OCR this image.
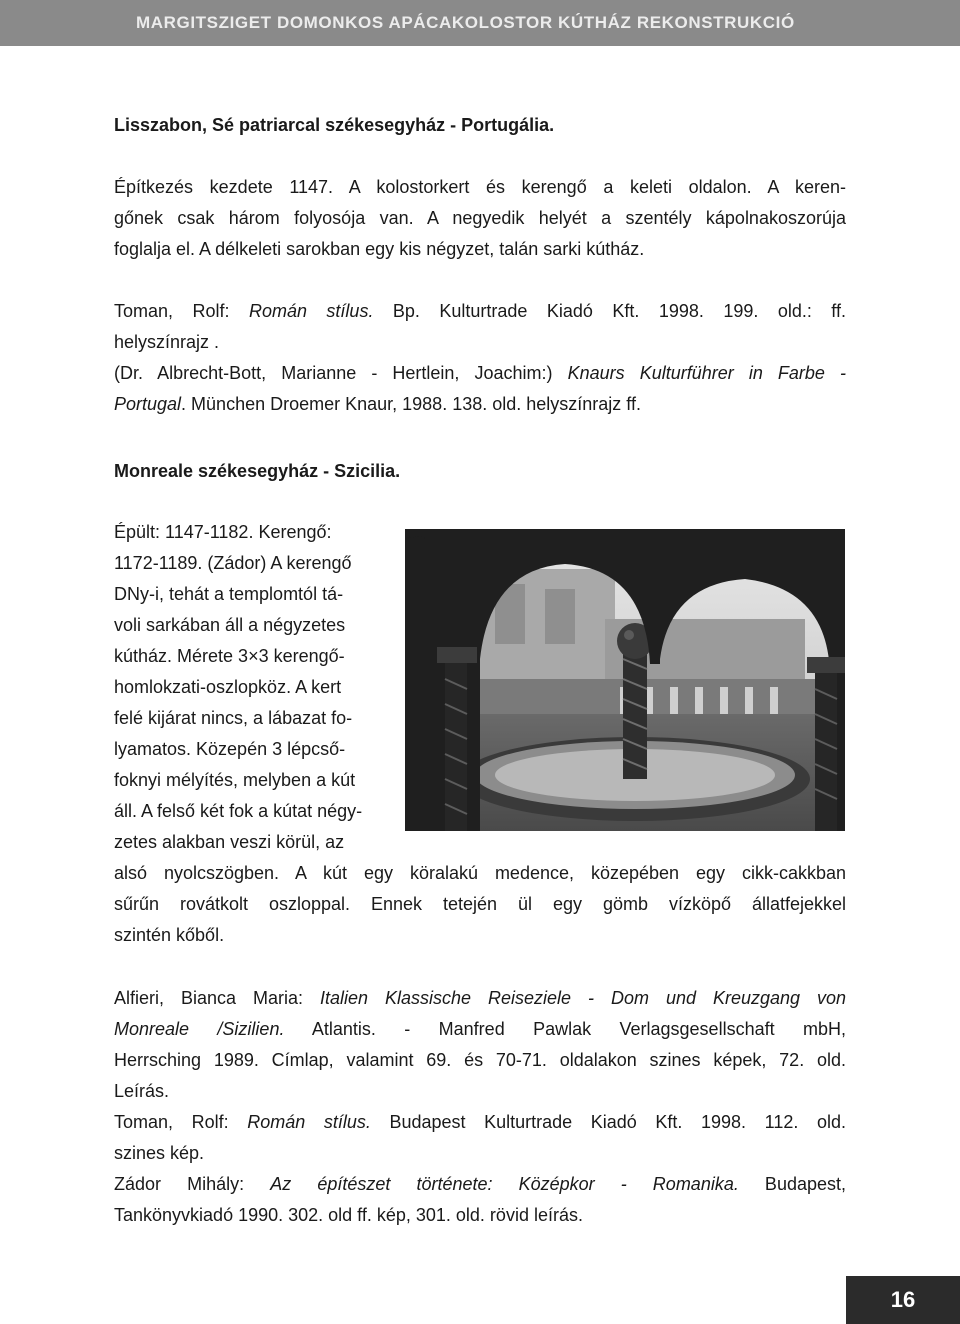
MARGITSZIGET DOMONKOS APÁCAKOLOSTOR KÚTHÁZ REKONSTRUKCIÓ

Lisszabon, Sé patriarcal székesegyház - Portugália.

Építkezés kezdete 1147. A kolostorkert és kerengő a keleti oldalon. A keren-

gőnek csak három folyosója van. A negyedik helyét a szentély kápolnakoszorúja

foglalja el. A délkeleti sarokban egy kis négyzet, talán sarki kútház.

Toman, Rolf: Román stílus. Bp. Kulturtrade Kiadó Kft. 1998. 199. old.: ff.

helyszínrajz .

(Dr. Albrecht-Bott, Marianne - Hertlein, Joachim:) Knaurs Kulturführer in Farbe -

Portugal. München Droemer Knaur, 1988. 138. old. helyszínrajz ff.

Monreale székesegyház - Szicilia.

Épült: 1147-1182. Kerengő:

1172-1189. (Zádor) A kerengő

DNy-i, tehát a templomtól tá-

voli sarkában áll a négyzetes

kútház. Mérete 3×3 kerengő-

homlokzati-oszlopköz. A kert

felé kijárat nincs, a lábazat fo-

lyamatos. Közepén 3 lépcső-

foknyi mélyítés, melyben a kút

áll. A felső két fok a kútat négy-

zetes alakban veszi körül, az

alsó nyolcszögben. A kút egy köralakú medence, közepében egy cikk-cakkban

sűrűn rovátkolt oszloppal. Ennek tetején ül egy gömb vízköpő állatfejekkel

szintén kőből.

Alfieri, Bianca Maria: Italien Klassische Reiseziele - Dom und Kreuzgang von

Monreale /Sizilien. Atlantis. - Manfred Pawlak Verlagsgesellschaft mbH,

Herrsching 1989. Címlap, valamint 69. és 70-71. oldalakon szines képek, 72. old.

Leírás.

Toman, Rolf: Román stílus. Budapest Kulturtrade Kiadó Kft. 1998. 112. old.

szines kép.

Zádor Mihály: Az építészet története: Középkor - Romanika. Budapest,

Tankönyvkiadó 1990. 302. old ff. kép, 301. old. rövid leírás.

16
